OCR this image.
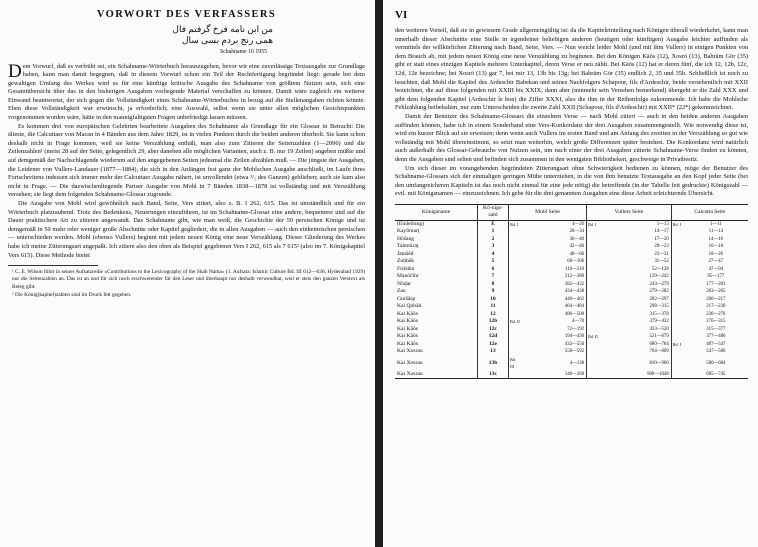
VORWORT DES VERFASSERS
من ابن نامه فرخ گرفتم فال
همی رنج بردم بسی سال
Schahname 16 1955

Dem Vorwurf, daß es verfrüht sei, ein Schahname-Wörterbuch herauszugeben, bevor wir eine zuverlässige Textausgabe zur Grundlage haben, kann man damit begegnen, daß in diesem Vorwurf schon ein Teil der Rechtfertigung begründet liegt: gerade bei dem gewaltigen Umfang des Werkes wird es für eine künftige kritische Ausgabe des Schahname von größtem Nutzen sein, sich eine Gesamtübersicht über das in den bisherigen Ausgaben vorliegende Material verschaffen zu können. Damit wäre zugleich ein weiterer Einwand beantwortet, der sich gegen die Vollständigkeit eines Schahname-Wörterbuches in bezug auf die Stellenangaben richten könnte. Eben diese Vollständigkeit war erwünscht, ja erforderlich; eine Auswahl, selbst wenn sie unter allen möglichen Gesichtspunkten vorgenommen worden wäre, hätte in den mannigfaltigsten Fragen unbefriedigt lassen müssen.

Es kommen drei von europäischen Gelehrten bearbeitete Ausgaben des Schahname als Grundlage für ein Glossar in Betracht: Die älteste, die Calcuttaer von Macan in 4 Bänden aus dem Jahre 1829, ist in vielen Punkten durch die beiden anderen überholt. Sie kann schon deshalb nicht in Frage kommen, weil sie keine Verszählung enthält, man also zum Zitieren die Seitenzahlen (1—2096) und die Zeilenzahlen¹ (meist 28 auf der Seite, gelegentlich 29, aber daneben alle möglichen Varianten, auch z. B. nur 19 Zeilen) angeben müßte und auf demgemäß der Nachschlagende wiederum auf den angegebenen Seiten jedesmal die Zeilen abzählen muß. — Die jüngste der Ausgaben, die Leidener von Vullers-Landauer (1877—1884), die sich in den Anfängen fest ganz der Mohlschen Ausgabe anschließt, im Laufe ihres Fortschreitens indessen sich immer mehr der Calcuttaer Ausgabe nähert, ist unvollendet (etwa ³/₅ des Ganzen) geblieben; auch sie kam also nicht in Frage. — Die dazwischenliegende Pariser Ausgabe von Mohl in 7 Bänden 1838—1878 ist vollständig und mit Verszählung versehen; sie liegt dem folgenden Schahname-Glossar zugrunde.

Die Ausgabe von Mohl wird gewöhnlich nach Band, Seite, Vers zitiert, also z. B. I 262, 615. Das ist umständlich und für ein Wörterbuch platzraubend. Trotz des Bedenkens, Neuerungen einzuführen, ist im Schahname-Glossar eine andere, bequemere und auf die Dauer praktischere Art zu zitieren angewandt. Das Schahname gibt, wie man weiß, die Geschichte der 50 persischen Könige und ist demgemäß in 50 mehr oder weniger große Abschnitte oder Kapitel gegliedert, die in allen Ausgaben — auch den einheimischen persischen — unterschieden werden. Mohl (ebenso Vullers) beginnt mit jedem neuen König eine neue Verszählung. Dieser Gliederung des Werkes habe ich meine Zitierungsart angepaßt. Ich zitiere also den oben als Beispiel gegebenen Vers I 262, 615 als 7 615² (also im 7. Königskapitel Vers 615). Diese Methode bietet

¹ C. E. Wilson führt in seiner Aufsatzreihe »Contributions to the Lexicography of the Shah Nama« (1. Aufsatz: Islamic Culture Bd. III 612—636, Hyderabad 1929) nur die Seitenzahlen an. Das ist an und für sich noch erschwerender für den Leser und überhaupt nur deshalb verwendbar, weil er stets den ganzen Verstext als Beleg gibt.
² Die König(kapitel)zahlen sind im Druck fett gegeben.
VI

den weiteren Vorteil, daß sie in gewissem Grade allgemeingültig ist: da die Kapiteleinteilung nach Königen überall wiederkehrt, kann man innerhalb dieser Abschnitte eine Stelle in irgendeiner beliebigen anderen (heutigen oder künftigen) Ausgabe leichter auffinden als vermittels der willkürlichen Zitierung nach Band, Seite, Vers. — Nun weicht leider Mohl (und mit ihm Vullers) in einigen Punkten von dem Brauch ab, mit jedem neuen König eine neue Verszählung zu beginnen. Bei den Königen Kāōs (12), Xosrō (13), Bahrām Gōr (35) gibt er statt eines einzigen Kapitels mehrere Unterkapitel, deren Verse er neu zählt. Bei Kāōs (12) hat er deren fünf, die ich 12, 12b, 12c, 12d, 12e bezeichne; bei Xosrō (13) gar 7, bei mir 13, 13b bis 13g; bei Bahrām Gōr (35) endlich 2, 35 und 35b. Schließlich ist noch zu beachten, daß Mohl die Kapitel des Ardeschir Babekan und seines Nachfolgers Schapour, fils d'Ardeschir, beide versehentlich mit XXII bezeichnet, die auf diese folgenden mit XXIII bis XXIX; dann aber (nunmehr sein Versehen bemerkend) übergeht er die Zahl XXX und gibt dem folgenden Kapitel (Ardeschir le bon) die Ziffer XXXI, also die ihm in der Reihenfolge zukommende. Ich habe die Mohlsche Fehlzählung beibehalten, nur zum Unterscheiden die zweite Zahl XXII (Schapour, fils d'Ardeschir) mit XXII* (22*) gekennzeichnet.

Damit der Benutzer des Schahname-Glossars die einzelnen Verse — nach Mohl zitiert — auch in den beiden anderen Ausgaben auffinden können, habe ich in einem Sonderband eine Vers-Konkordanz der drei Ausgaben zusammengestellt. Wie notwendig diese ist, wird ein kurzer Blick auf sie erweisen; denn wenn auch Vullers im ersten Band und am Anfang des zweiten in der Verszählung so gut wie vollständig mit Mohl übereinstimmt, so setzt man weiterhin, welch große Differenzen später bestehen. Die Konkordanz wird natürlich auch außerhalb des Glossar-Gebrauchs von Nutzen sein, um nach einer der drei Ausgaben zitierte Schahname-Verse finden zu können, denn die Ausgaben sind selten und befinden sich zusammen in den wenigsten Bibliotheken, geschweige in Privatbesitz.

Um sich dieser im vorangehenden begründeten Zitierungsart ohne Schwierigkeit bedienen zu können, möge der Benutzer des Schahname-Glossars sich der einmaligen geringen Mühe unterziehen, in die von ihm benutzte Textausgabe an den Kopf jeder Seite (bei den umfangreicheren Kapiteln ist das noch nicht einmal für eine jede nötig) die betreffende (in der Tabelle fett gedruckte) Königszahl — evtl. mit Königsnamen — einzuzeichnen. Ich gebe für die drei genannten Ausgaben eine diese Arbeit erleichternde Übersicht.

Königsname	Kö-nigs-zahl	Mohl Seite		Vullers Seite		Calcutta Seite	
(Einleitung)	E	Bd. I	4—26	Bd. I	1—13	Bd. I	1—11
Kayōmarṯ	1		28—34		14—17		11—14
Hōšang	2		36—40		17—20		14—16
Tahmūraṯ	3		42—46		20—23		16—18
Jamšēd	4		48—66		23—31		18—26
Ẓuḥḥāk	5		68—106		31—52		27—47
Firēdūn	6		110—210		52—128		47—94
Manōčihr	7		212—380		129—242		95—177
Nōḏar	8		382—432		243—279		177—203
Zau	9		434—438		279—282		203—205
Guršāsp	10		440—462		282—297		206—217
Kai Qobād	11		464—484		298—315		217—230
Kai Kāōs	12		486—508		315—378		230—276
Kai Kāōs	12b	Bd. II	4—70		379—432		276—315
Kai Kāōs	12c		72—192		433—520		315—377
Kai Kāōs	12d		194—430	Bd. II	521—679		377—486
Kai Kāōs	12e		432—550		680—764	Bd. I	487—547
Kai Xosrau	13		558—592		764—809		547—580
Kai Xosrau	13b	Bd. III	4—138		810—900		580—684
Kai Xosrau	13c		140—268		900—1048		685—745
